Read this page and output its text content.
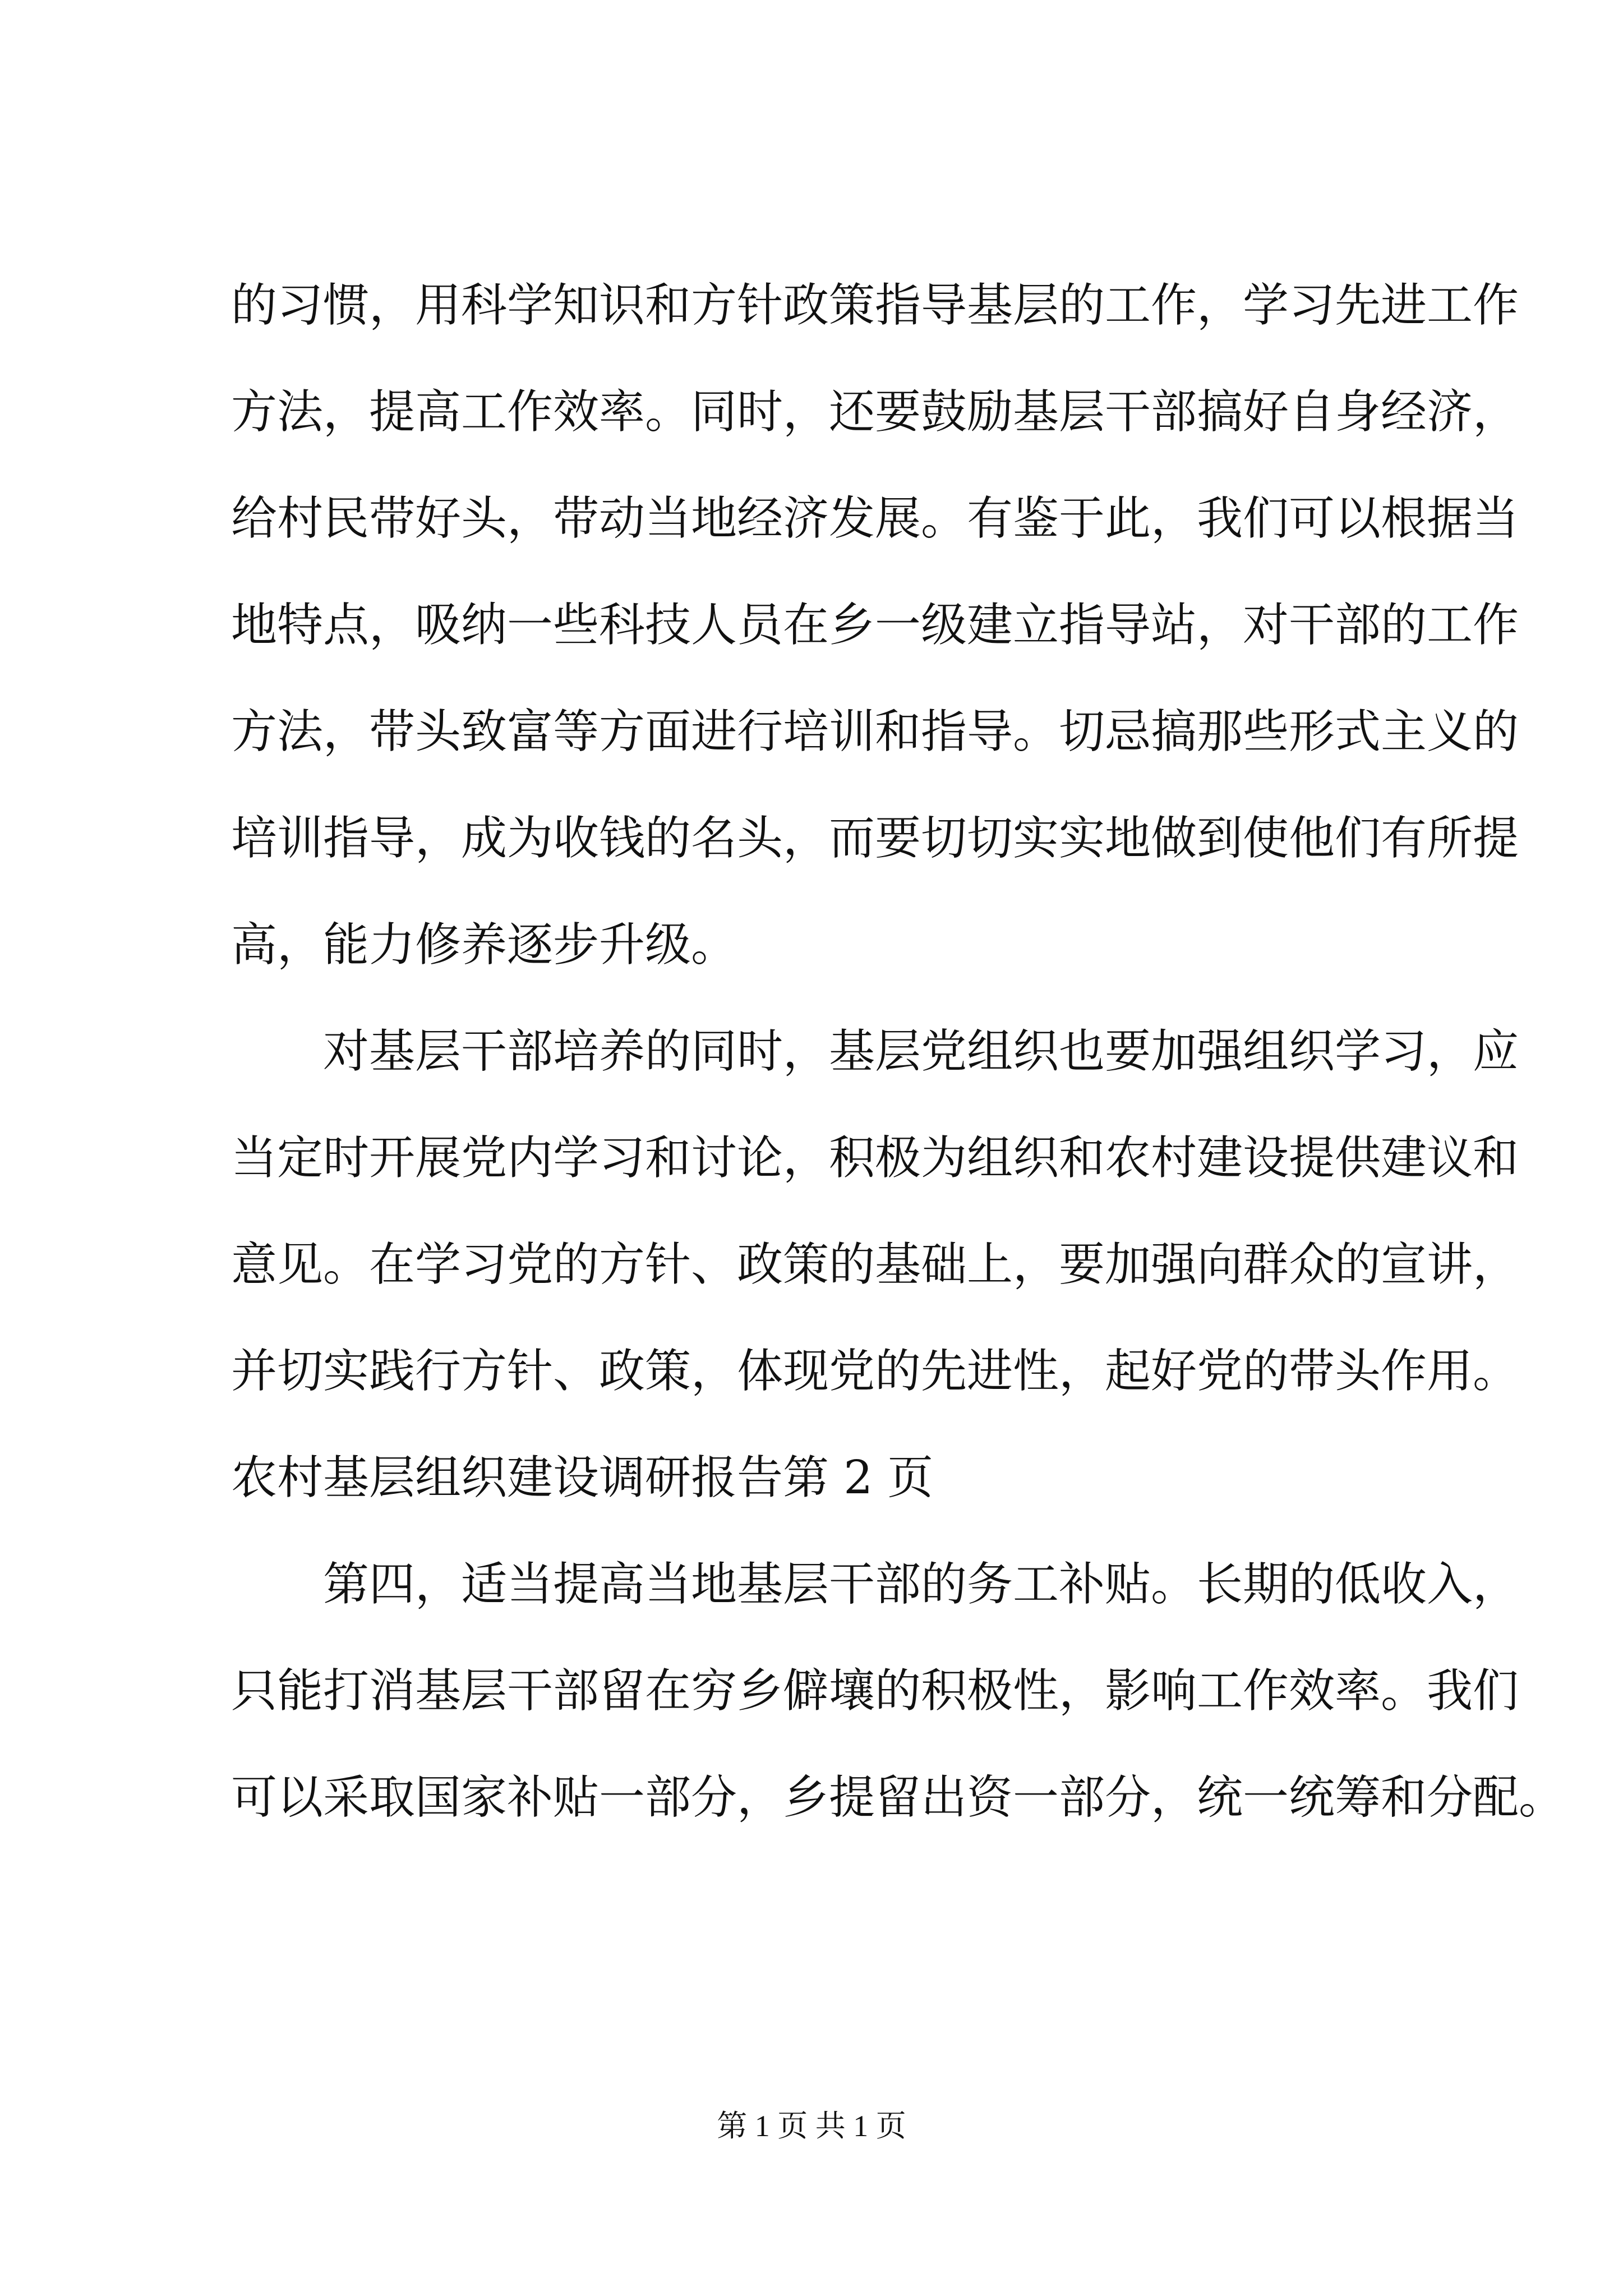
的习惯，用科学知识和方针政策指导基层的工作，学习先进工作
方法，提高工作效率。同时，还要鼓励基层干部搞好自身经济，
给村民带好头，带动当地经济发展。有鉴于此，我们可以根据当
地特点，吸纳一些科技人员在乡一级建立指导站，对干部的工作
方法，带头致富等方面进行培训和指导。切忌搞那些形式主义的
培训指导，成为收钱的名头，而要切切实实地做到使他们有所提
高，能力修养逐步升级。
对基层干部培养的同时，基层党组织也要加强组织学习，应
当定时开展党内学习和讨论，积极为组织和农村建设提供建议和
意见。在学习党的方针、政策的基础上，要加强向群众的宣讲，
并切实践行方针、政策，体现党的先进性，起好党的带头作用。
农村基层组织建设调研报告第 2 页
第四，适当提高当地基层干部的务工补贴。长期的低收入，
只能打消基层干部留在穷乡僻壤的积极性，影响工作效率。我们
可以采取国家补贴一部分，乡提留出资一部分，统一统筹和分配。
第 1 页 共 1 页
